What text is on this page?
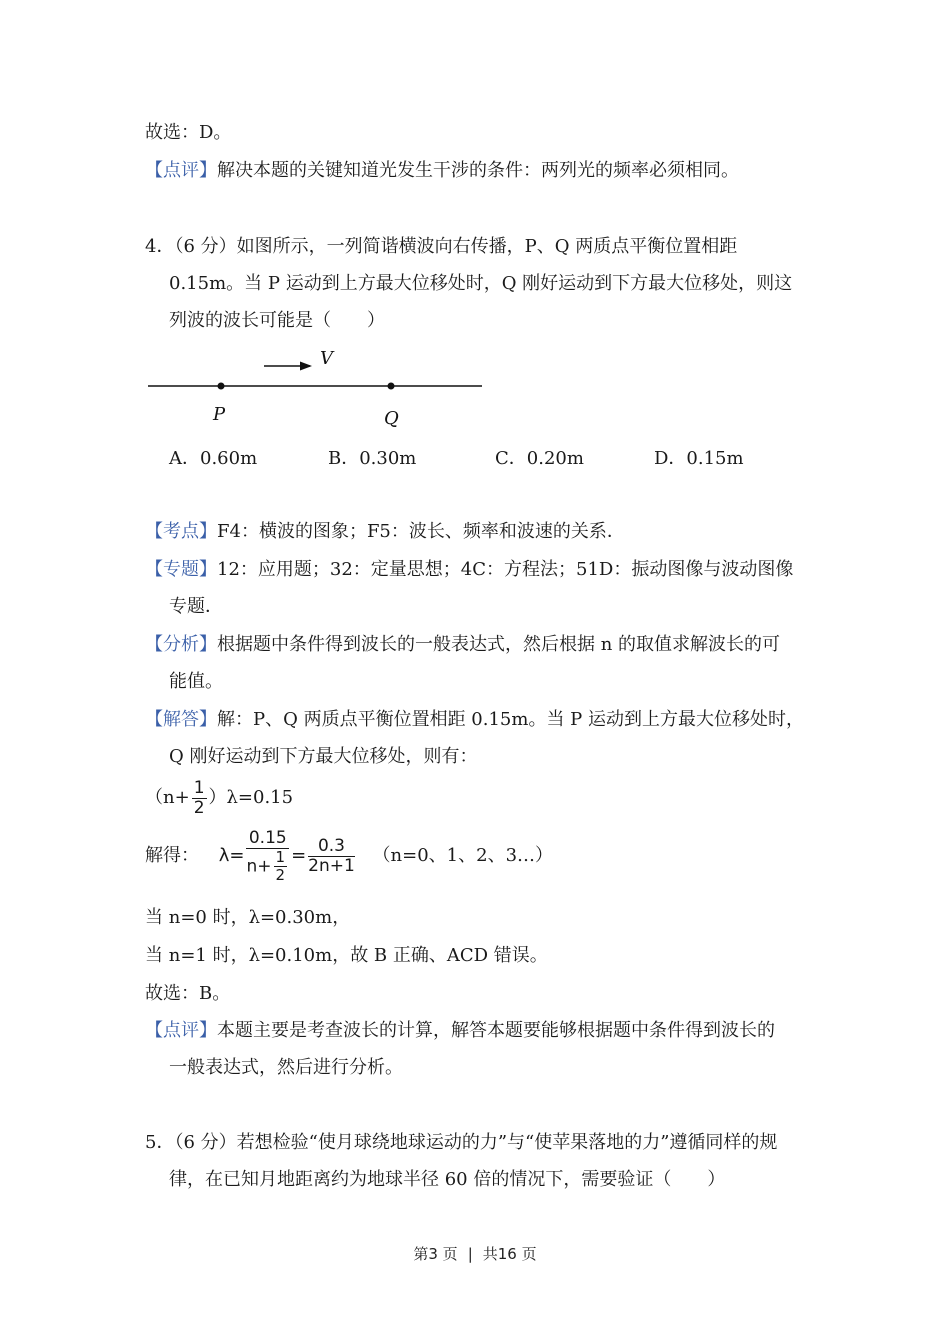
故选：D。
【点评】解决本题的关键知道光发生干涉的条件：两列光的频率必须相同。
4．（6 分）如图所示，一列简谐横波向右传播，P、Q 两质点平衡位置相距
0.15m。当 P 运动到上方最大位移处时，Q 刚好运动到下方最大位移处，则这
列波的波长可能是（　　）
V
P	Q
A．0.60m	B．0.30m	C．0.20m	D．0.15m
【考点】F4：横波的图象；F5：波长、频率和波速的关系．
【专题】12：应用题；32：定量思想；4C：方程法；51D：振动图像与波动图像
专题．
【分析】根据题中条件得到波长的一般表达式，然后根据 n 的取值求解波长的可
能值。
【解答】解：P、Q 两质点平衡位置相距 0.15m。当 P 运动到上方最大位移处时，
Q 刚好运动到下方最大位移处，则有：
$(n+ \frac{1}{2} )\lambda=0.15$
解得： $\lambda= \frac{0.15}{n+ \frac{1}{2}} = \frac{0.3}{2n+1} (n=0$、1、2、3…）
当 n=0 时，λ=0.30m，
当 n=1 时，λ=0.10m，故 B 正确、ACD 错误。
故选：B。
【点评】本题主要是考查波长的计算，解答本题要能够根据题中条件得到波长的
一般表达式，然后进行分析。
5．（6 分）若想检验“使月球绕地球运动的力”与“使苹果落地的力”遵循同样的规
律，在已知月地距离约为地球半径 60 倍的情况下，需要验证（　　）
第3 页 | 共16 页
